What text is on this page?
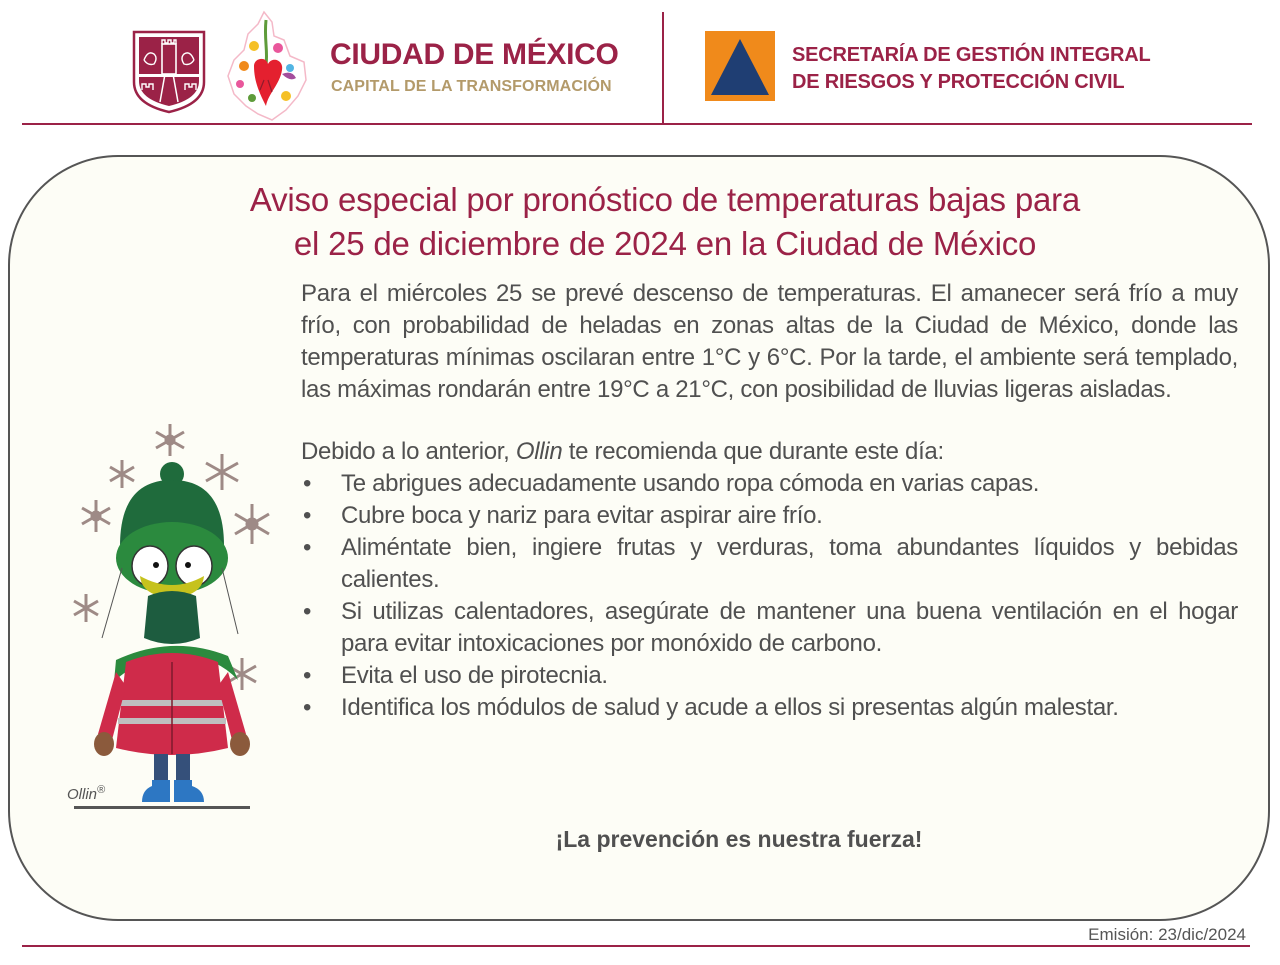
CIUDAD DE MÉXICO
CAPITAL DE LA TRANSFORMACIÓN
SECRETARÍA DE GESTIÓN INTEGRAL
DE RIESGOS Y PROTECCIÓN CIVIL
Aviso especial por pronóstico de temperaturas bajas para
el 25 de diciembre de 2024 en la Ciudad de México

Para el miércoles 25 se prevé descenso de temperaturas. El amanecer será frío a muy frío, con probabilidad de heladas en zonas altas de la Ciudad de México, donde las temperaturas mínimas oscilaran entre 1°C y 6°C. Por la tarde, el ambiente será templado, las máximas rondarán entre 19°C a 21°C, con posibilidad de lluvias ligeras aisladas.

Debido a lo anterior, Ollin te recomienda que durante este día:

• Te abrigues adecuadamente usando ropa cómoda en varias capas.
• Cubre boca y nariz para evitar aspirar aire frío.
• Aliméntate bien, ingiere frutas y verduras, toma abundantes líquidos y bebidas calientes.
• Si utilizas calentadores, asegúrate de mantener una buena ventilación en el hogar para evitar intoxicaciones por monóxido de carbono.
• Evita el uso de pirotecnia.
• Identifica los módulos de salud y acude a ellos si presentas algún malestar.
Ollin®
¡La prevención es nuestra fuerza!
Emisión: 23/dic/2024
